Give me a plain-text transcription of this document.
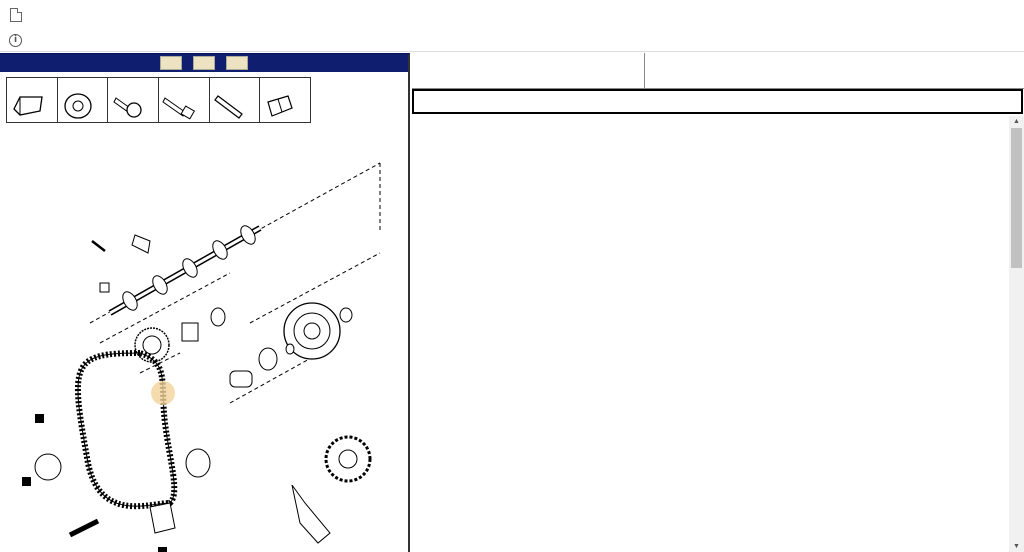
i
▲
▼
